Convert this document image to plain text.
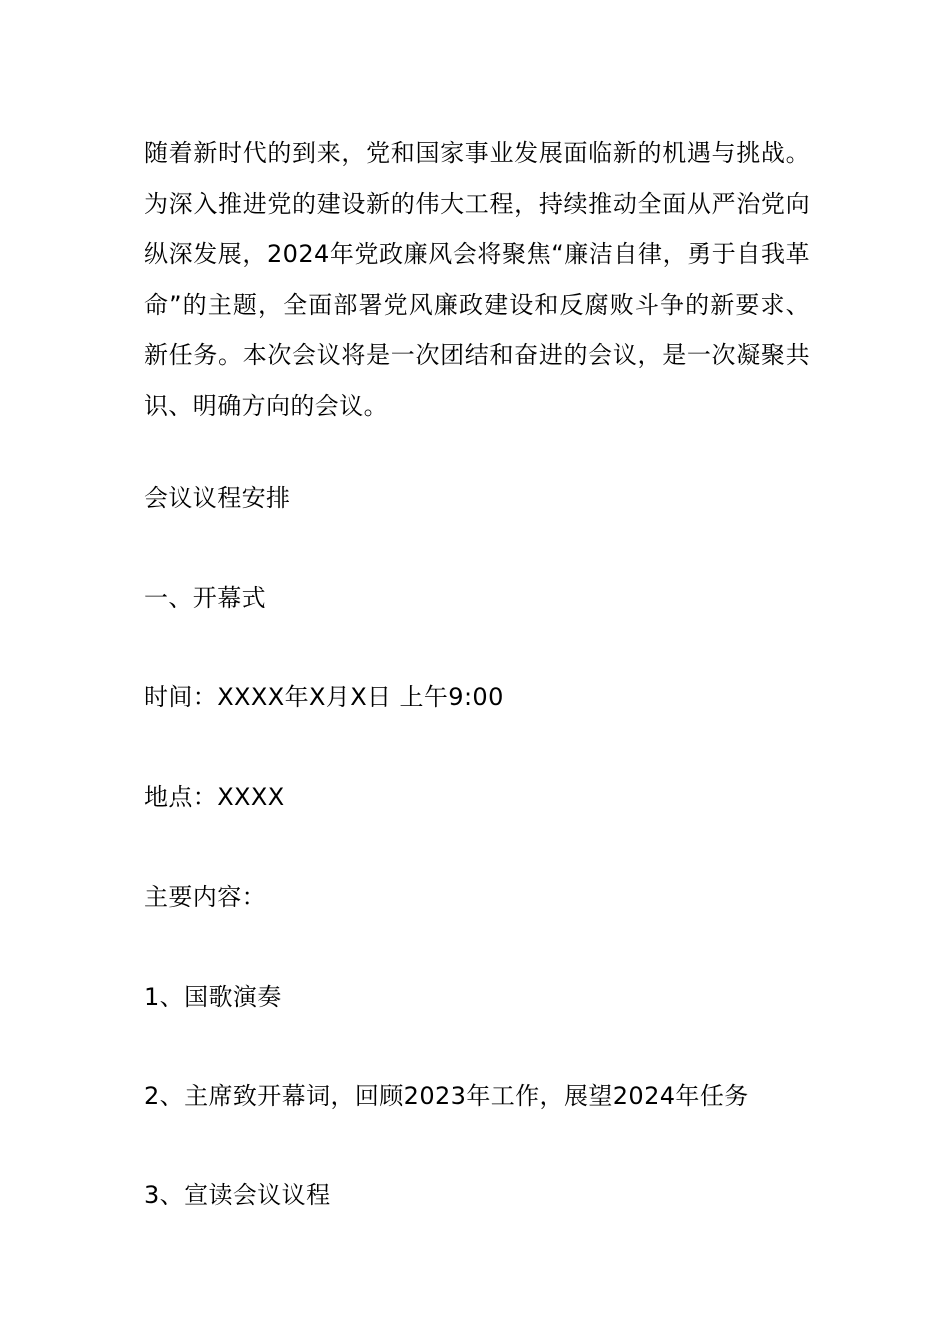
随着新时代的到来，党和国家事业发展面临新的机遇与挑战。为深入推进党的建设新的伟大工程，持续推动全面从严治党向纵深发展，2024年党政廉风会将聚焦“廉洁自律，勇于自我革命”的主题，全面部署党风廉政建设和反腐败斗争的新要求、新任务。本次会议将是一次团结和奋进的会议，是一次凝聚共识、明确方向的会议。

会议议程安排

一、开幕式

时间：XXXX年X月X日 上午9:00

地点：XXXX

主要内容：

1、国歌演奏

2、主席致开幕词，回顾2023年工作，展望2024年任务

3、宣读会议议程
